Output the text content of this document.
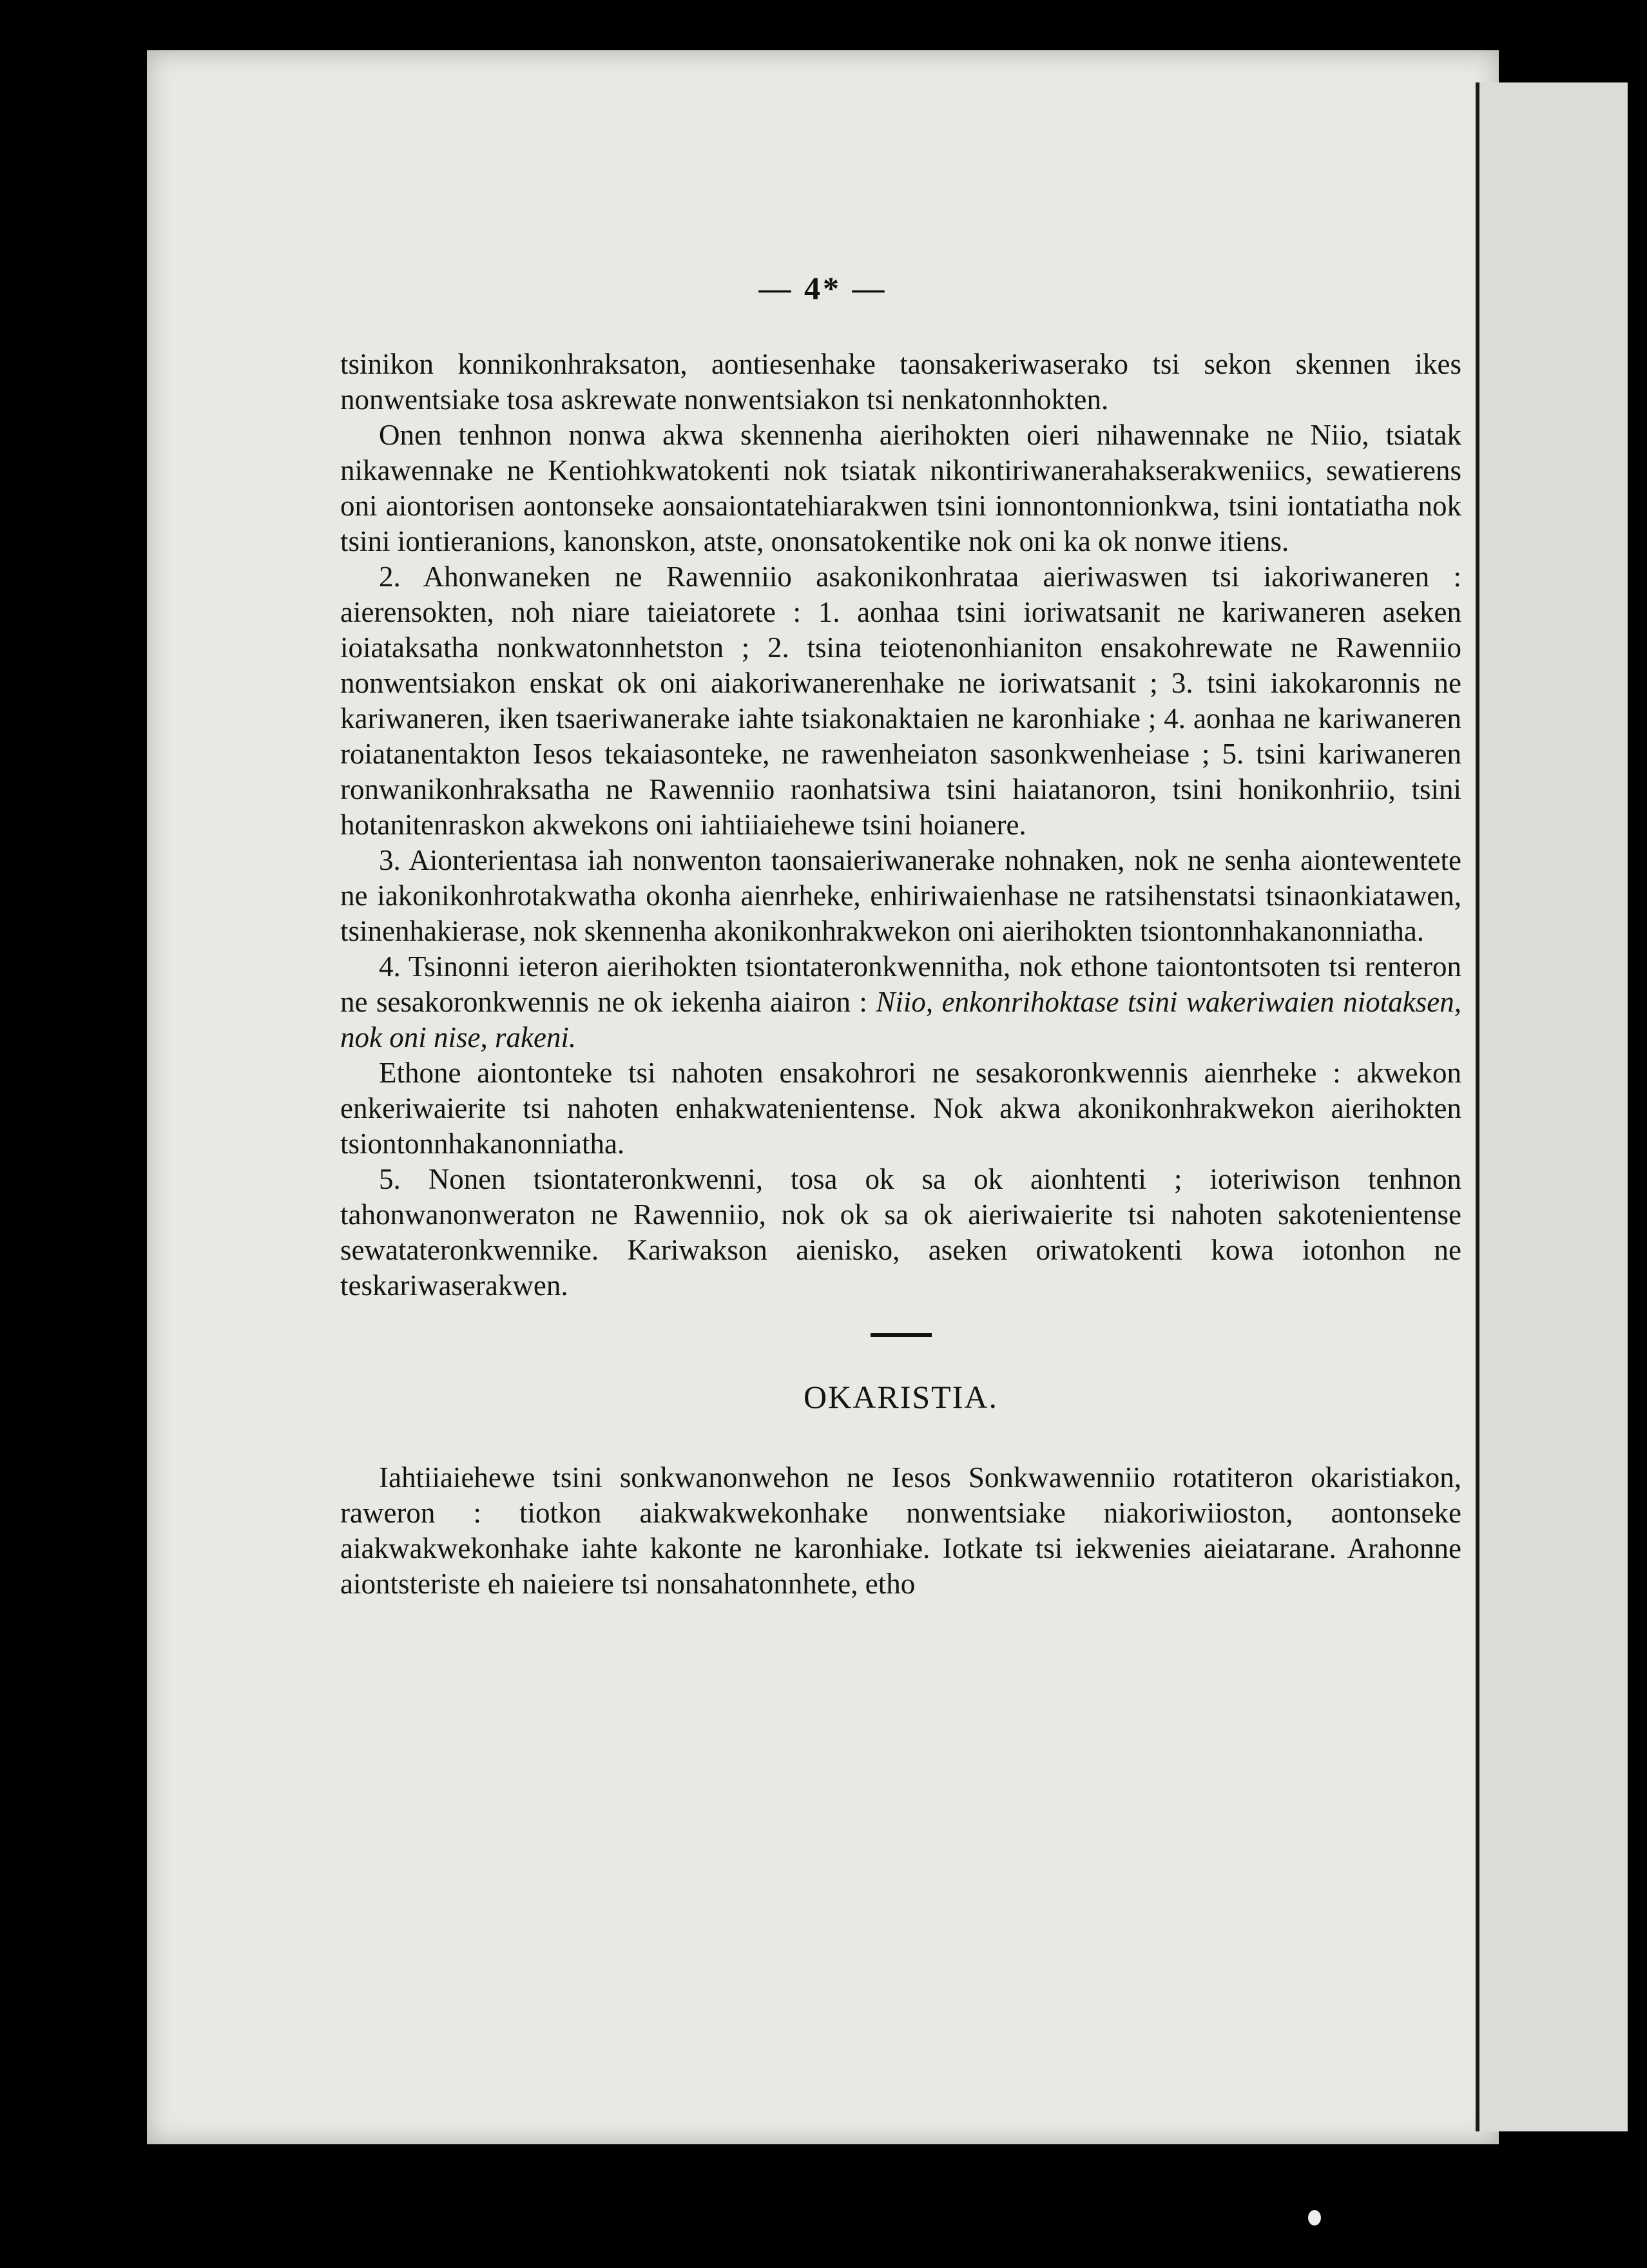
— 4* —

tsinikon konnikonhraksaton, aontiesenhake taonsakeriwaserako tsi sekon skennen ikes nonwentsiake tosa askrewate nonwentsiakon tsi nenkatonnhokten.

Onen tenhnon nonwa akwa skennenha aierihokten oieri nihawennake ne Niio, tsiatak nikawennake ne Kentiohkwatokenti nok tsiatak nikontiriwanerahakserakweniics, sewatierens oni aiontorisen aontonseke aonsaiontatehiarakwen tsini ionnontonnionkwa, tsini iontatiatha nok tsini iontieranions, kanonskon, atste, ononsatokentike nok oni ka ok nonwe itiens.

2. Ahonwaneken ne Rawenniio asakonikonhrataa aieriwaswen tsi iakoriwaneren : aierensokten, noh niare taieiatorete : 1. aonhaa tsini ioriwatsanit ne kariwaneren aseken ioiataksatha nonkwatonnhetston ; 2. tsina teiotenonhianiton ensakohrewate ne Rawenniio nonwentsiakon enskat ok oni aiakoriwanerenhake ne ioriwatsanit ; 3. tsini iakokaronnis ne kariwaneren, iken tsaeriwanerake iahte tsiakonaktaien ne karonhiake ; 4. aonhaa ne kariwaneren roiatanentakton Iesos tekaiasonteke, ne rawenheiaton sasonkwenheiase ; 5. tsini kariwaneren ronwanikonhraksatha ne Rawenniio raonhatsiwa tsini haiatanoron, tsini honikonhriio, tsini hotanitenraskon akwekons oni iahtiiaiehewe tsini hoianere.

3. Aionterientasa iah nonwenton taonsaieriwanerake nohnaken, nok ne senha aiontewentete ne iakonikonhrotakwatha okonha aienrheke, enhiriwaienhase ne ratsihenstatsi tsinaonkiatawen, tsinenhakierase, nok skennenha akonikonhrakwekon oni aierihokten tsiontonnhakanonniatha.

4. Tsinonni ieteron aierihokten tsiontateronkwennitha, nok ethone taiontontsoten tsi renteron ne sesakoronkwennis ne ok iekenha aiairon : Niio, enkonrihoktase tsini wakeriwaien niotaksen, nok oni nise, rakeni.

Ethone aiontonteke tsi nahoten ensakohrori ne sesakoronkwennis aienrheke : akwekon enkeriwaierite tsi nahoten enhakwatenientense. Nok akwa akonikonhrakwekon aierihokten tsiontonnhakanonniatha.

5. Nonen tsiontateronkwenni, tosa ok sa ok aionhtenti ; ioteriwison tenhnon tahonwanonweraton ne Rawenniio, nok ok sa ok aieriwaierite tsi nahoten sakotenientense sewatateronkwennike. Kariwakson aienisko, aseken oriwatokenti kowa iotonhon ne teskariwaserakwen.

OKARISTIA.

Iahtiiaiehewe tsini sonkwanonwehon ne Iesos Sonkwawenniio rotatiteron okaristiakon, raweron : tiotkon aiakwakwekonhake nonwentsiake niakoriwiioston, aontonseke aiakwakwekonhake iahte kakonte ne karonhiake. Iotkate tsi iekwenies aieiatarane. Arahonne aiontsteriste eh naieiere tsi nonsahatonnhete, etho
